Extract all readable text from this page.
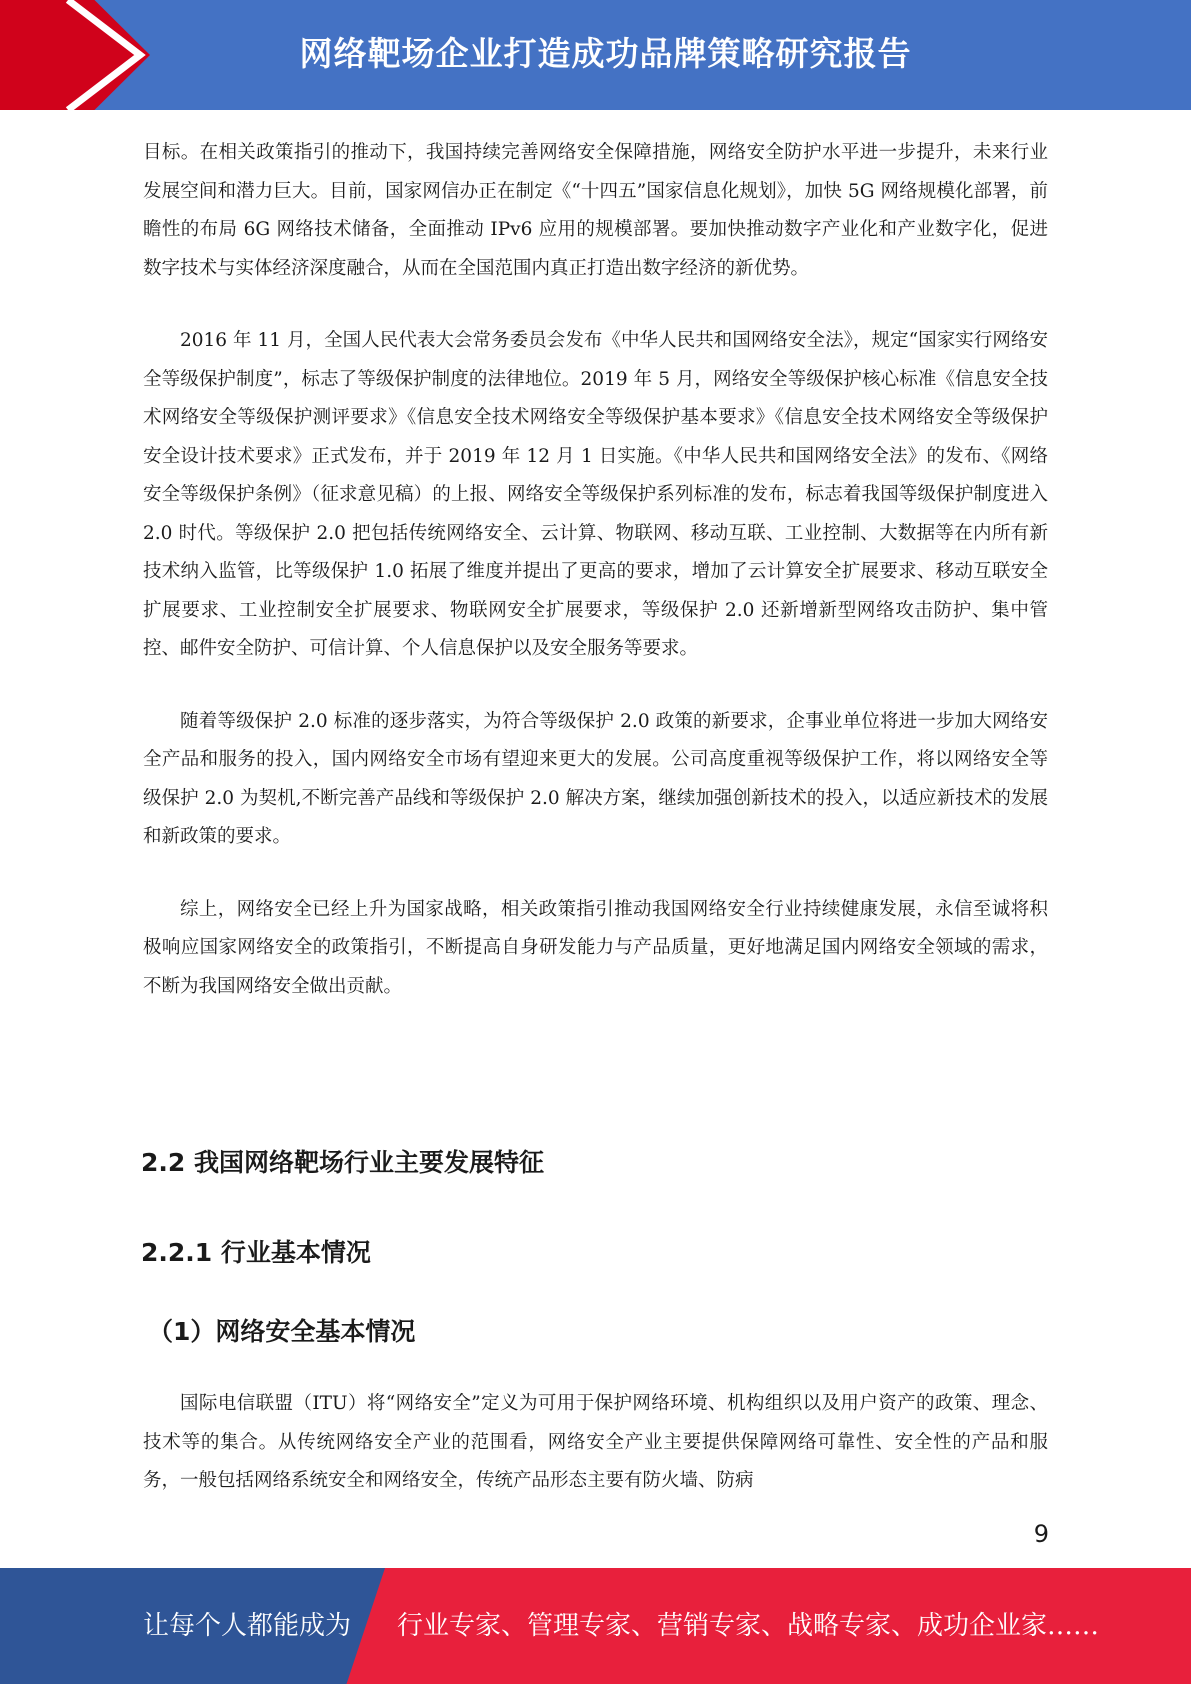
网络靶场企业打造成功品牌策略研究报告

目标。在相关政策指引的推动下，我国持续完善网络安全保障措施，网络安全防护水平进一步提升，未来行业发展空间和潜力巨大。目前，国家网信办正在制定《“十四五”国家信息化规划》，加快 5G 网络规模化部署，前瞻性的布局 6G 网络技术储备，全面推动 IPv6 应用的规模部署。要加快推动数字产业化和产业数字化，促进数字技术与实体经济深度融合，从而在全国范围内真正打造出数字经济的新优势。

2016 年 11 月，全国人民代表大会常务委员会发布《中华人民共和国网络安全法》，规定“国家实行网络安全等级保护制度”，标志了等级保护制度的法律地位。2019 年 5 月，网络安全等级保护核心标准《信息安全技术网络安全等级保护测评要求》《信息安全技术网络安全等级保护基本要求》《信息安全技术网络安全等级保护安全设计技术要求》正式发布，并于 2019 年 12 月 1 日实施。《中华人民共和国网络安全法》的发布、《网络安全等级保护条例》（征求意见稿）的上报、网络安全等级保护系列标准的发布，标志着我国等级保护制度进入 2.0 时代。等级保护 2.0 把包括传统网络安全、云计算、物联网、移动互联、工业控制、大数据等在内所有新技术纳入监管，比等级保护 1.0 拓展了维度并提出了更高的要求，增加了云计算安全扩展要求、移动互联安全扩展要求、工业控制安全扩展要求、物联网安全扩展要求，等级保护 2.0 还新增新型网络攻击防护、集中管控、邮件安全防护、可信计算、个人信息保护以及安全服务等要求。

随着等级保护 2.0 标准的逐步落实，为符合等级保护 2.0 政策的新要求，企事业单位将进一步加大网络安全产品和服务的投入，国内网络安全市场有望迎来更大的发展。公司高度重视等级保护工作，将以网络安全等级保护 2.0 为契机,不断完善产品线和等级保护 2.0 解决方案，继续加强创新技术的投入，以适应新技术的发展和新政策的要求。

综上，网络安全已经上升为国家战略，相关政策指引推动我国网络安全行业持续健康发展，永信至诚将积极响应国家网络安全的政策指引，不断提高自身研发能力与产品质量，更好地满足国内网络安全领域的需求，不断为我国网络安全做出贡献。

2.2 我国网络靶场行业主要发展特征
2.2.1 行业基本情况
（1）网络安全基本情况

国际电信联盟（ITU）将“网络安全”定义为可用于保护网络环境、机构组织以及用户资产的政策、理念、技术等的集合。从传统网络安全产业的范围看，网络安全产业主要提供保障网络可靠性、安全性的产品和服务，一般包括网络系统安全和网络安全，传统产品形态主要有防火墙、防病

9
让每个人都能成为 行业专家、管理专家、营销专家、战略专家、成功企业家……
